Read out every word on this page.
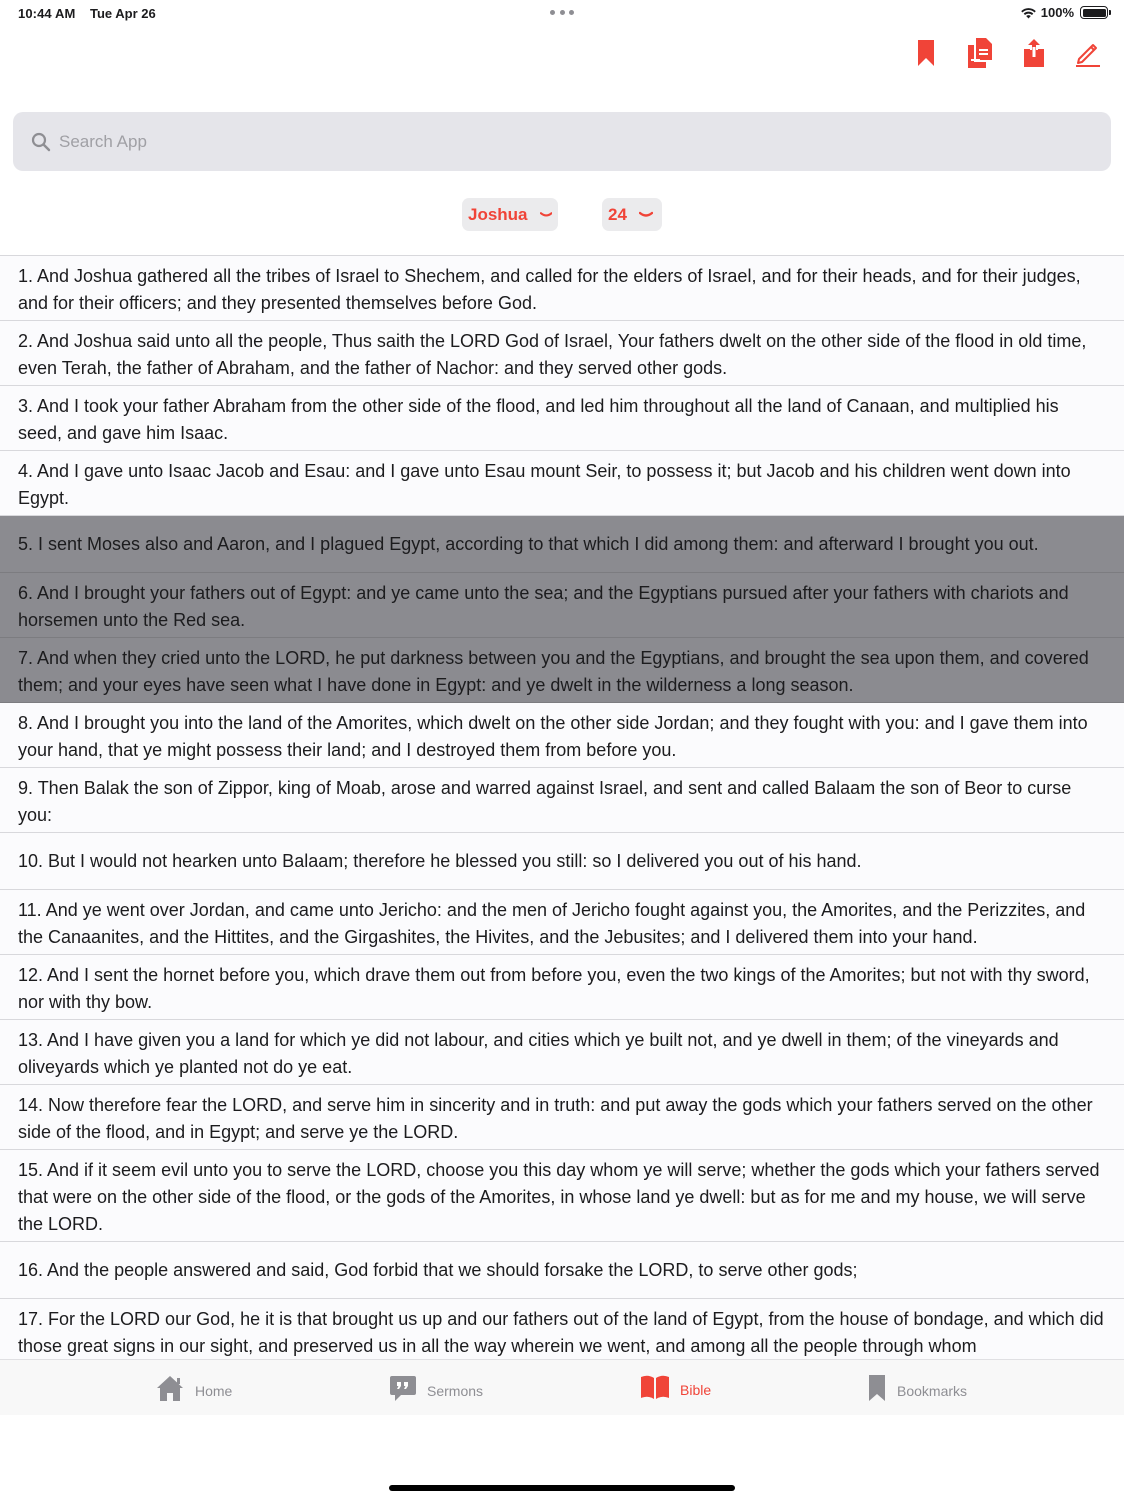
10:44 AM Tue Apr 26	100%
Search App
Joshua	24
1. And Joshua gathered all the tribes of Israel to Shechem, and called for the elders of Israel, and for their heads, and for their judges, and for their officers; and they presented themselves before God.
2. And Joshua said unto all the people, Thus saith the LORD God of Israel, Your fathers dwelt on the other side of the flood in old time, even Terah, the father of Abraham, and the father of Nachor: and they served other gods.
3. And I took your father Abraham from the other side of the flood, and led him throughout all the land of Canaan, and multiplied his seed, and gave him Isaac.
4. And I gave unto Isaac Jacob and Esau: and I gave unto Esau mount Seir, to possess it; but Jacob and his children went down into Egypt.
5. I sent Moses also and Aaron, and I plagued Egypt, according to that which I did among them: and afterward I brought you out.
6. And I brought your fathers out of Egypt: and ye came unto the sea; and the Egyptians pursued after your fathers with chariots and horsemen unto the Red sea.
7. And when they cried unto the LORD, he put darkness between you and the Egyptians, and brought the sea upon them, and covered them; and your eyes have seen what I have done in Egypt: and ye dwelt in the wilderness a long season.
8. And I brought you into the land of the Amorites, which dwelt on the other side Jordan; and they fought with you: and I gave them into your hand, that ye might possess their land; and I destroyed them from before you.
9. Then Balak the son of Zippor, king of Moab, arose and warred against Israel, and sent and called Balaam the son of Beor to curse you:
10. But I would not hearken unto Balaam; therefore he blessed you still: so I delivered you out of his hand.
11. And ye went over Jordan, and came unto Jericho: and the men of Jericho fought against you, the Amorites, and the Perizzites, and the Canaanites, and the Hittites, and the Girgashites, the Hivites, and the Jebusites; and I delivered them into your hand.
12. And I sent the hornet before you, which drave them out from before you, even the two kings of the Amorites; but not with thy sword, nor with thy bow.
13. And I have given you a land for which ye did not labour, and cities which ye built not, and ye dwell in them; of the vineyards and oliveyards which ye planted not do ye eat.
14. Now therefore fear the LORD, and serve him in sincerity and in truth: and put away the gods which your fathers served on the other side of the flood, and in Egypt; and serve ye the LORD.
15. And if it seem evil unto you to serve the LORD, choose you this day whom ye will serve; whether the gods which your fathers served that were on the other side of the flood, or the gods of the Amorites, in whose land ye dwell: but as for me and my house, we will serve the LORD.
16. And the people answered and said, God forbid that we should forsake the LORD, to serve other gods;
17. For the LORD our God, he it is that brought us up and our fathers out of the land of Egypt, from the house of bondage, and which did those great signs in our sight, and preserved us in all the way wherein we went, and among all the people through whom
Home	Sermons	Bible	Bookmarks
